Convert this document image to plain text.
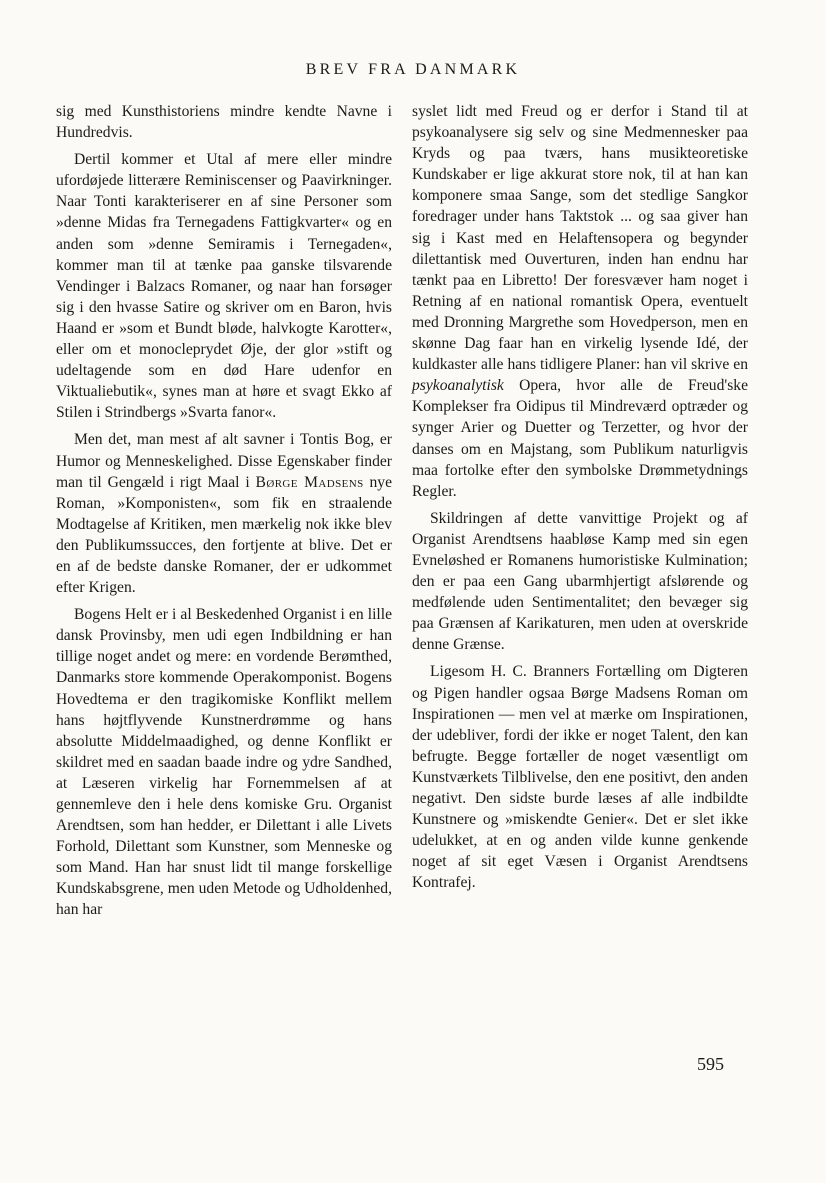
BREV FRA DANMARK

sig med Kunsthistoriens mindre kendte Navne i Hundredvis.

Dertil kommer et Utal af mere eller mindre ufordøjede litterære Reminiscenser og Paavirkninger. Naar Tonti karakteriserer en af sine Personer som »denne Midas fra Ternegadens Fattigkvarter« og en anden som »denne Semiramis i Ternegaden«, kommer man til at tænke paa ganske tilsvarende Vendinger i Balzacs Romaner, og naar han forsøger sig i den hvasse Satire og skriver om en Baron, hvis Haand er »som et Bundt bløde, halvkogte Karotter«, eller om et monocleprydet Øje, der glor »stift og udeltagende som en død Hare udenfor en Viktualiebutik«, synes man at høre et svagt Ekko af Stilen i Strindbergs »Svarta fanor«.

Men det, man mest af alt savner i Tontis Bog, er Humor og Menneskelighed. Disse Egenskaber finder man til Gengæld i rigt Maal i Børge Madsens nye Roman, »Komponisten«, som fik en straalende Modtagelse af Kritiken, men mærkelig nok ikke blev den Publikumssucces, den fortjente at blive. Det er en af de bedste danske Romaner, der er udkommet efter Krigen.

Bogens Helt er i al Beskedenhed Organist i en lille dansk Provinsby, men udi egen Indbildning er han tillige noget andet og mere: en vordende Berømthed, Danmarks store kommende Operakomponist. Bogens Hovedtema er den tragikomiske Konflikt mellem hans højtflyvende Kunstnerdrømme og hans absolutte Middelmaadighed, og denne Konflikt er skildret med en saadan baade indre og ydre Sandhed, at Læseren virkelig har Fornemmelsen af at gennemleve den i hele dens komiske Gru. Organist Arendtsen, som han hedder, er Dilettant i alle Livets Forhold, Dilettant som Kunstner, som Menneske og som Mand. Han har snust lidt til mange forskellige Kundskabsgrene, men uden Metode og Udholdenhed, han har

syslet lidt med Freud og er derfor i Stand til at psykoanalysere sig selv og sine Medmennesker paa Kryds og paa tværs, hans musikteoretiske Kundskaber er lige akkurat store nok, til at han kan komponere smaa Sange, som det stedlige Sangkor foredrager under hans Taktstok ... og saa giver han sig i Kast med en Helaftensopera og begynder dilettantisk med Ouverturen, inden han endnu har tænkt paa en Libretto! Der foresvæver ham noget i Retning af en national romantisk Opera, eventuelt med Dronning Margrethe som Hovedperson, men en skønne Dag faar han en virkelig lysende Idé, der kuldkaster alle hans tidligere Planer: han vil skrive en psykoanalytisk Opera, hvor alle de Freud'ske Komplekser fra Oidipus til Mindreværd optræder og synger Arier og Duetter og Terzetter, og hvor der danses om en Majstang, som Publikum naturligvis maa fortolke efter den symbolske Drømmetydnings Regler.

Skildringen af dette vanvittige Projekt og af Organist Arendtsens haabløse Kamp med sin egen Evneløshed er Romanens humoristiske Kulmination; den er paa een Gang ubarmhjertigt afslørende og medfølende uden Sentimentalitet; den bevæger sig paa Grænsen af Karikaturen, men uden at overskride denne Grænse.

Ligesom H. C. Branners Fortælling om Digteren og Pigen handler ogsaa Børge Madsens Roman om Inspirationen — men vel at mærke om Inspirationen, der udebliver, fordi der ikke er noget Talent, den kan befrugte. Begge fortæller de noget væsentligt om Kunstværkets Tilblivelse, den ene positivt, den anden negativt. Den sidste burde læses af alle indbildte Kunstnere og »miskendte Genier«. Det er slet ikke udelukket, at en og anden vilde kunne genkende noget af sit eget Væsen i Organist Arendtsens Kontrafej.

595
